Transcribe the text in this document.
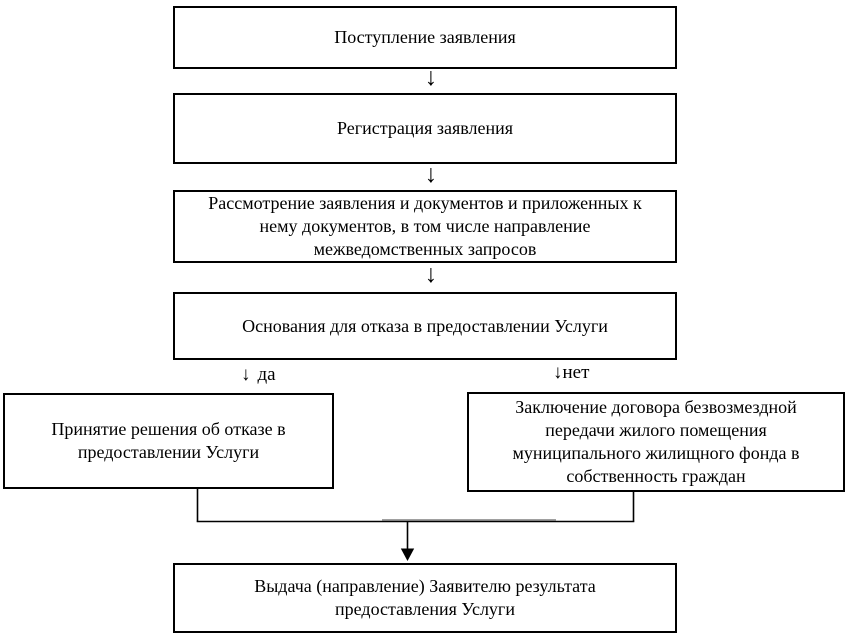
Поступление заявления

↓

Регистрация заявления

↓

Рассмотрение заявления и документов и приложенных к нему документов, в том числе направление межведомственных запросов

↓

Основания для отказа в предоставлении Услуги

↓ да	↓нет

Принятие решения об отказе в предоставлении Услуги

Заключение договора безвозмездной передачи жилого помещения муниципального жилищного фонда в собственность граждан

Выдача (направление) Заявителю результата предоставления Услуги
